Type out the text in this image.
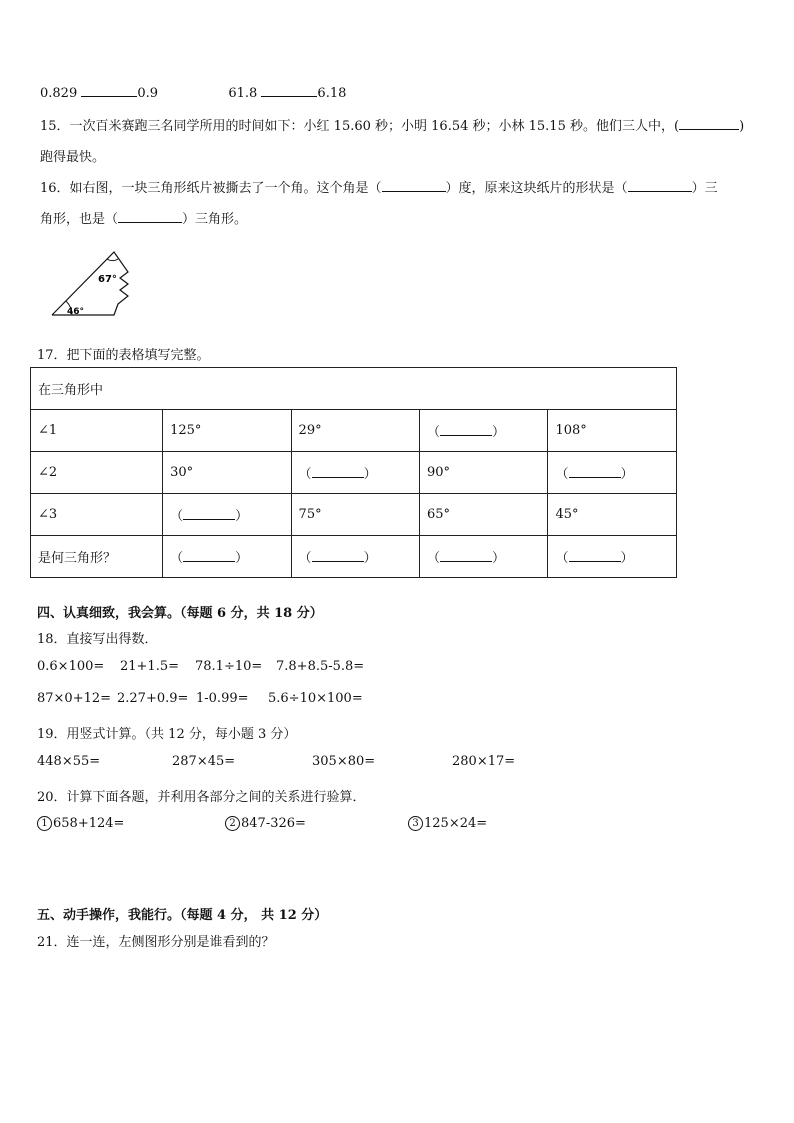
0.829	0.9	61.8	6.18
15．一次百米赛跑三名同学所用的时间如下：小红 15.60 秒；小明 16.54 秒；小林 15.15 秒。他们三人中，(	)
跑得最快。
16．如右图，一块三角形纸片被撕去了一个角。这个角是（	）度，原来这块纸片的形状是（	）三
角形，也是（	）三角形。
67°
46°
17．把下面的表格填写完整。
在三角形中				
∠1	125°	29°	（ ）	108°
∠2	30°	（ ）	90°	（ ）
∠3	（ ）	75°	65°	45°
是何三角形？	（ ）	（ ）	（ ）	（ ）
四、认真细致，我会算。（每题 6 分，共 18 分）
18．直接写出得数．
0.6×100= 21+1.5= 78.1÷10= 7.8+8.5-5.8=
87×0+12= 2.27+0.9= 1-0.99= 5.6÷10×100=
19．用竖式计算。（共 12 分，每小题 3 分）
448×55=	287×45=	305×80=	280×17=
20．计算下面各题，并利用各部分之间的关系进行验算．
1 658+124=	2 847-326=	3 125×24=
五、动手操作，我能行。（每题 4 分， 共 12 分）
21．连一连，左侧图形分别是谁看到的？
